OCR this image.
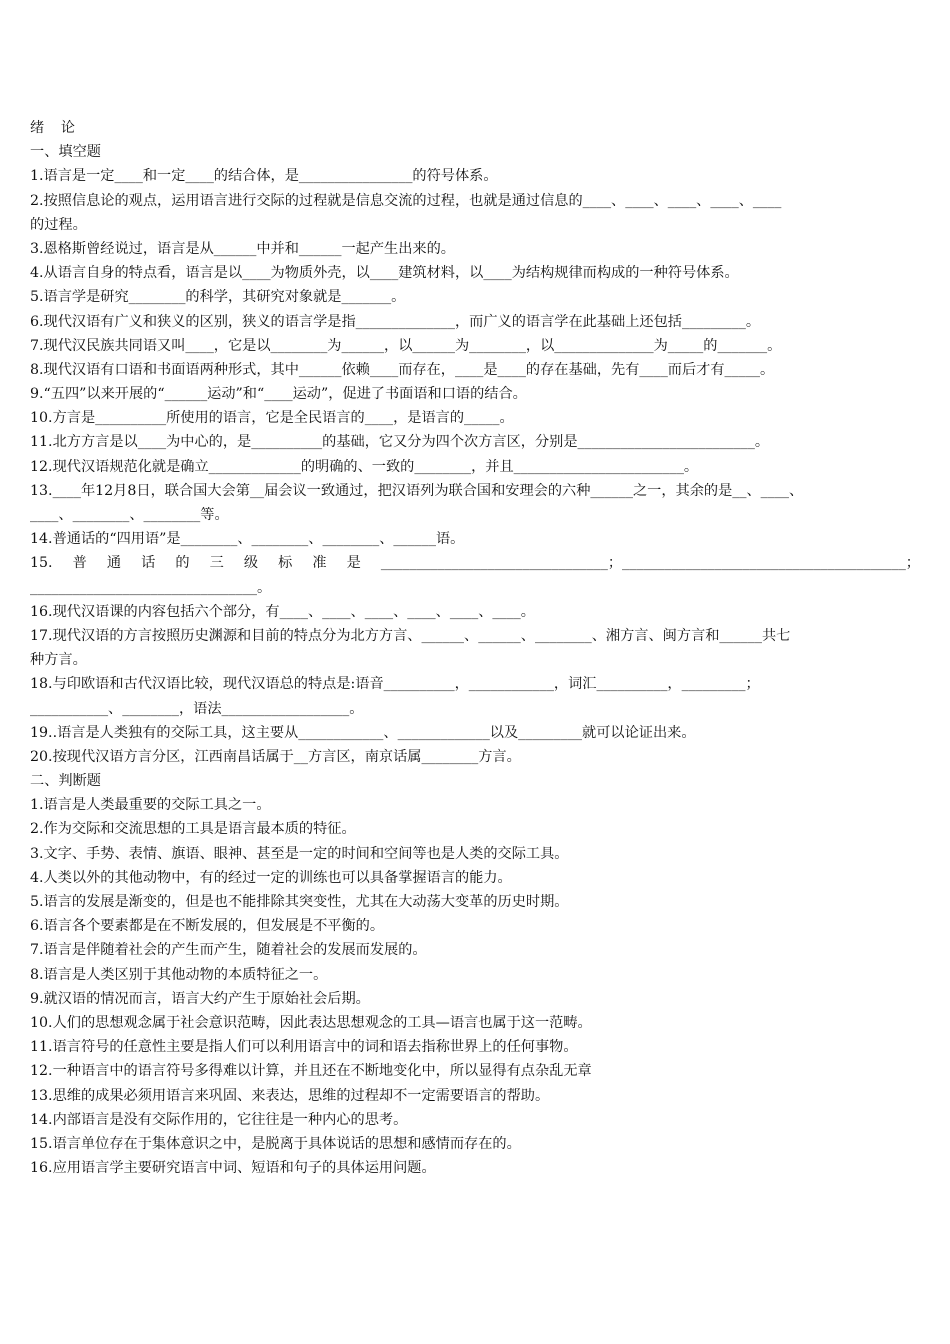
绪 论
一、填空题
1.语言是一定____和一定____的结合体，是________________的符号体系。
2.按照信息论的观点，运用语言进行交际的过程就是信息交流的过程，也就是通过信息的____、____、____、____、____
的过程。
3.恩格斯曾经说过，语言是从______中并和______一起产生出来的。
4.从语言自身的特点看，语言是以____为物质外壳，以____建筑材料，以____为结构规律而构成的一种符号体系。
5.语言学是研究________的科学，其研究对象就是_______。
6.现代汉语有广义和狭义的区别，狭义的语言学是指______________，而广义的语言学在此基础上还包括_________。
7.现代汉民族共同语又叫____，它是以________为______，以______为________，以______________为_____的_______。
8.现代汉语有口语和书面语两种形式，其中______依赖____而存在，____是____的存在基础，先有____而后才有_____。
9.“五四”以来开展的“______运动”和“____运动”，促进了书面语和口语的结合。
10.方言是__________所使用的语言，它是全民语言的____，是语言的_____。
11.北方方言是以____为中心的，是__________的基础，它又分为四个次方言区，分别是_________________________。
12.现代汉语规范化就是确立_____________的明确的、一致的________，并且________________________。
13.____年12月8日，联合国大会第__届会议一致通过，把汉语列为联合国和安理会的六种______之一，其余的是__、____、
____、________、________等。
14.普通话的“四用语”是________、________、________、______语。
15.普通话的三级标准是________________________________；________________________________________；
________________________________。
16.现代汉语课的内容包括六个部分，有____、____、____、____、____、____。
17.现代汉语的方言按照历史渊源和目前的特点分为北方方言、______、______、________、湘方言、闽方言和______共七
种方言。
18.与印欧语和古代汉语比较，现代汉语总的特点是:语音__________，____________，词汇__________，_________；
___________、________，语法__________________。
19..语言是人类独有的交际工具，这主要从____________、_____________以及_________就可以论证出来。
20.按现代汉语方言分区，江西南昌话属于__方言区，南京话属________方言。
二、判断题
1.语言是人类最重要的交际工具之一。
2.作为交际和交流思想的工具是语言最本质的特征。
3.文字、手势、表情、旗语、眼神、甚至是一定的时间和空间等也是人类的交际工具。
4.人类以外的其他动物中，有的经过一定的训练也可以具备掌握语言的能力。
5.语言的发展是渐变的，但是也不能排除其突变性，尤其在大动荡大变革的历史时期。
6.语言各个要素都是在不断发展的，但发展是不平衡的。
7.语言是伴随着社会的产生而产生，随着社会的发展而发展的。
8.语言是人类区别于其他动物的本质特征之一。
9.就汉语的情况而言，语言大约产生于原始社会后期。
10.人们的思想观念属于社会意识范畴，因此表达思想观念的工具—语言也属于这一范畴。
11.语言符号的任意性主要是指人们可以利用语言中的词和语去指称世界上的任何事物。
12.一种语言中的语言符号多得难以计算，并且还在不断地变化中，所以显得有点杂乱无章
13.思维的成果必须用语言来巩固、来表达，思维的过程却不一定需要语言的帮助。
14.内部语言是没有交际作用的，它往往是一种内心的思考。
15.语言单位存在于集体意识之中，是脱离于具体说话的思想和感情而存在的。
16.应用语言学主要研究语言中词、短语和句子的具体运用问题。
